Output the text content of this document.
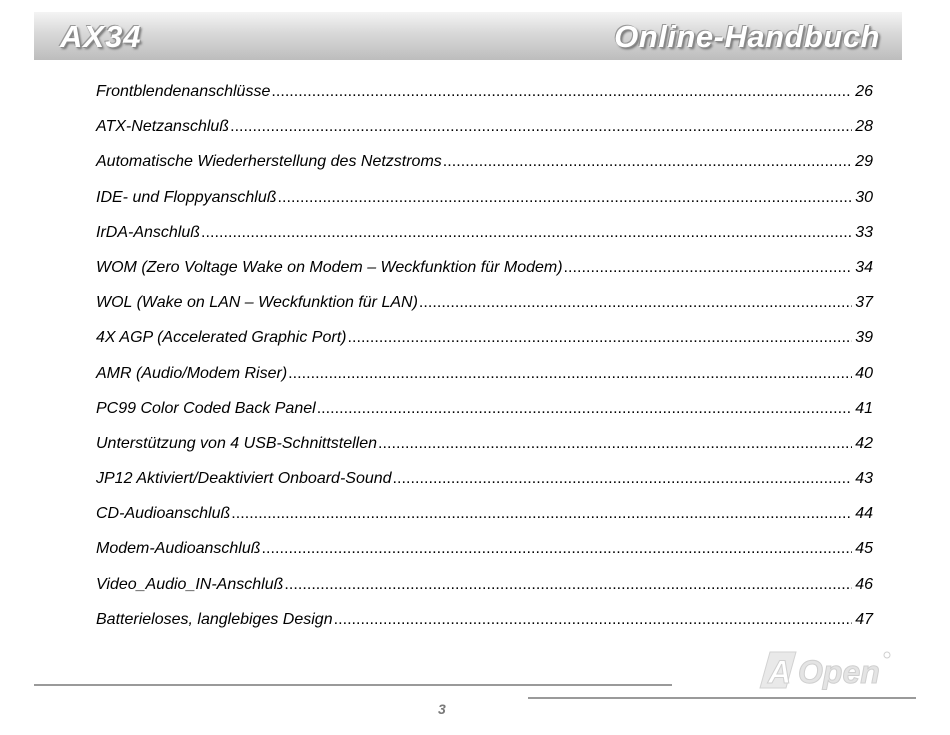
AX34	Online-Handbuch
Frontblendenanschlüsse . . .	26
ATX-Netzanschluß . . .	28
Automatische Wiederherstellung des Netzstroms . . .	29
IDE- und Floppyanschluß . . .	30
IrDA-Anschluß . . .	33
WOM (Zero Voltage Wake on Modem – Weckfunktion für Modem) . . .	34
WOL (Wake on LAN – Weckfunktion für LAN) . . .	37
4X AGP (Accelerated Graphic Port) . . .	39
AMR (Audio/Modem Riser) . . .	40
PC99 Color Coded Back Panel . . .	41
Unterstützung von 4 USB-Schnittstellen . . .	42
JP12 Aktiviert/Deaktiviert Onboard-Sound . . .	43
CD-Audioanschluß . . .	44
Modem-Audioanschluß . . .	45
Video_Audio_IN-Anschluß . . .	46
Batterieloses, langlebiges Design . . .	47
A Open
3
